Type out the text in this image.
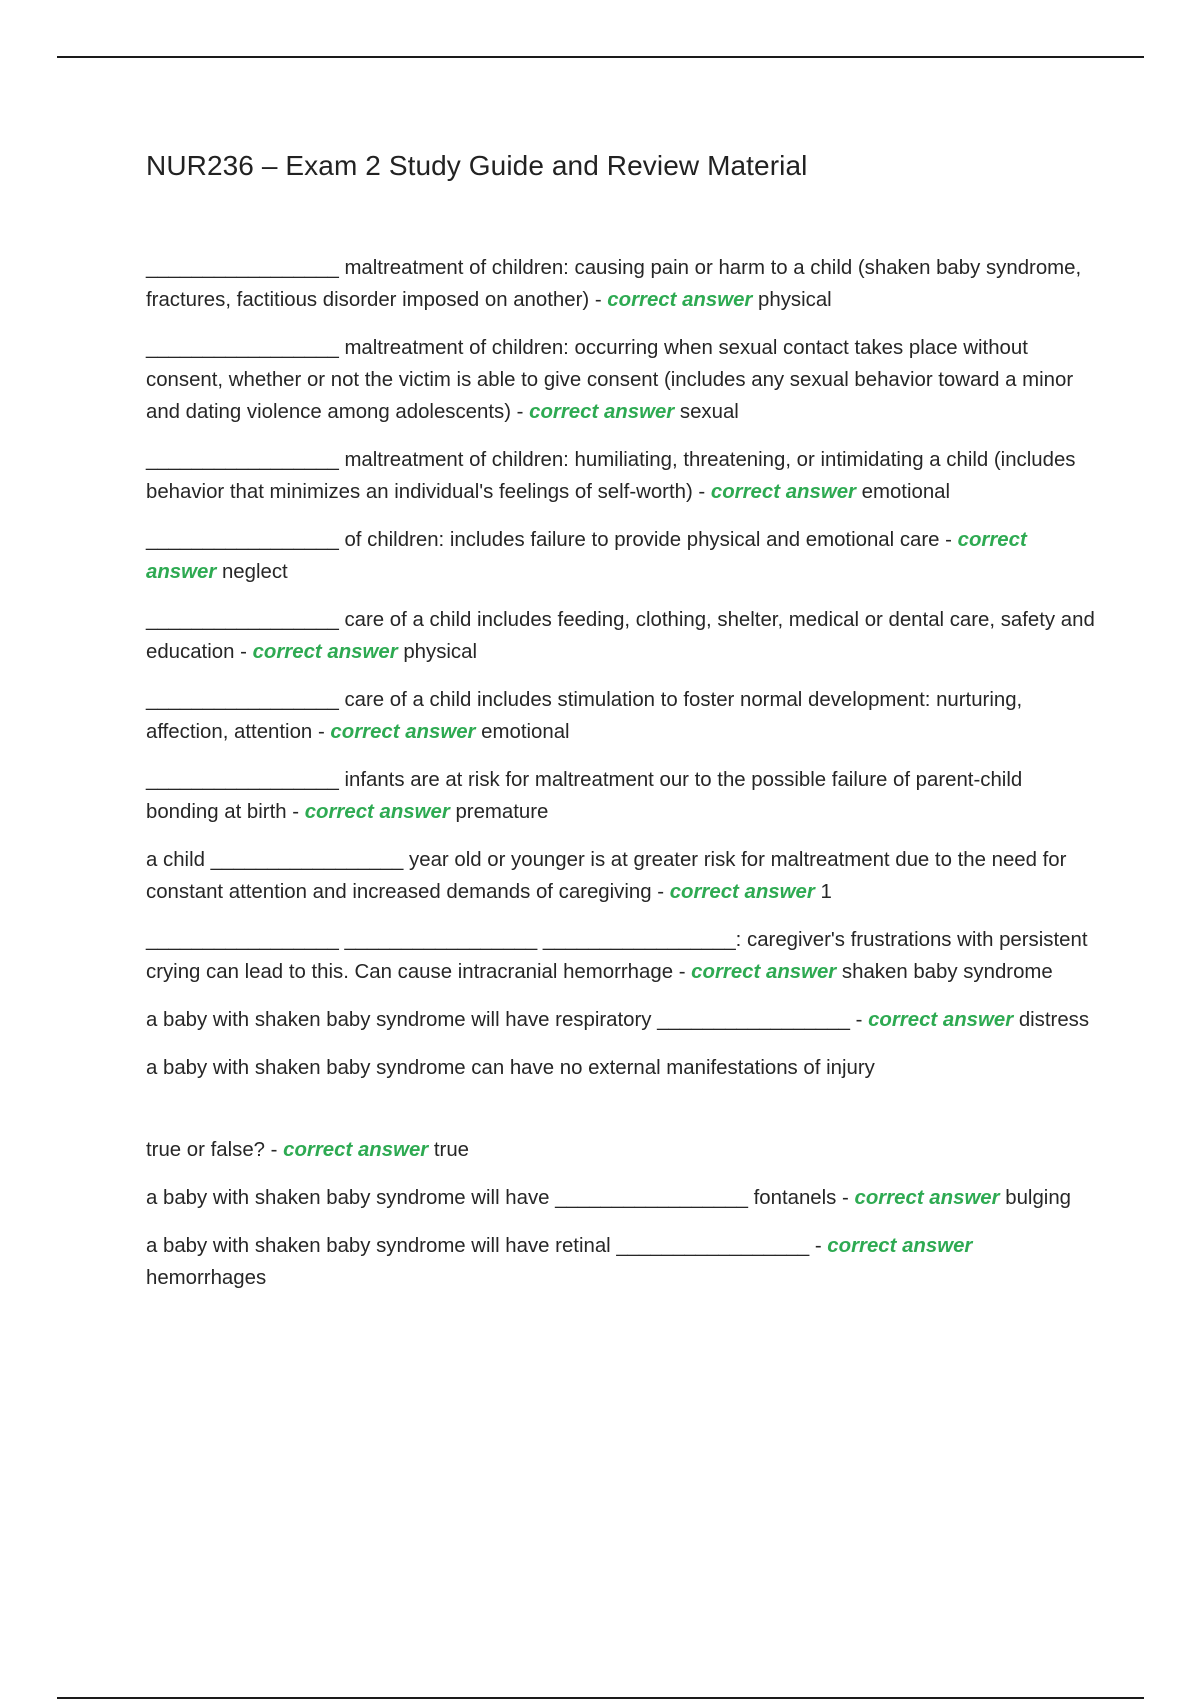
NUR236 – Exam 2 Study Guide and Review Material
_________________ maltreatment of children: causing pain or harm to a child (shaken baby syndrome, fractures, factitious disorder imposed on another) - correct answer physical
_________________ maltreatment of children: occurring when sexual contact takes place without consent, whether or not the victim is able to give consent (includes any sexual behavior toward a minor and dating violence among adolescents) - correct answer sexual
_________________ maltreatment of children: humiliating, threatening, or intimidating a child (includes behavior that minimizes an individual's feelings of self-worth) - correct answer emotional
_________________ of children: includes failure to provide physical and emotional care - correct answer neglect
_________________ care of a child includes feeding, clothing, shelter, medical or dental care, safety and education - correct answer physical
_________________ care of a child includes stimulation to foster normal development: nurturing, affection, attention - correct answer emotional
_________________ infants are at risk for maltreatment our to the possible failure of parent-child bonding at birth - correct answer premature
a child _________________ year old or younger is at greater risk for maltreatment due to the need for constant attention and increased demands of caregiving - correct answer 1
_________________ _________________ _________________: caregiver's frustrations with persistent crying can lead to this. Can cause intracranial hemorrhage - correct answer shaken baby syndrome
a baby with shaken baby syndrome will have respiratory _________________ - correct answer distress
a baby with shaken baby syndrome can have no external manifestations of injury
true or false? - correct answer true
a baby with shaken baby syndrome will have _________________ fontanels - correct answer bulging
a baby with shaken baby syndrome will have retinal _________________ - correct answer hemorrhages
